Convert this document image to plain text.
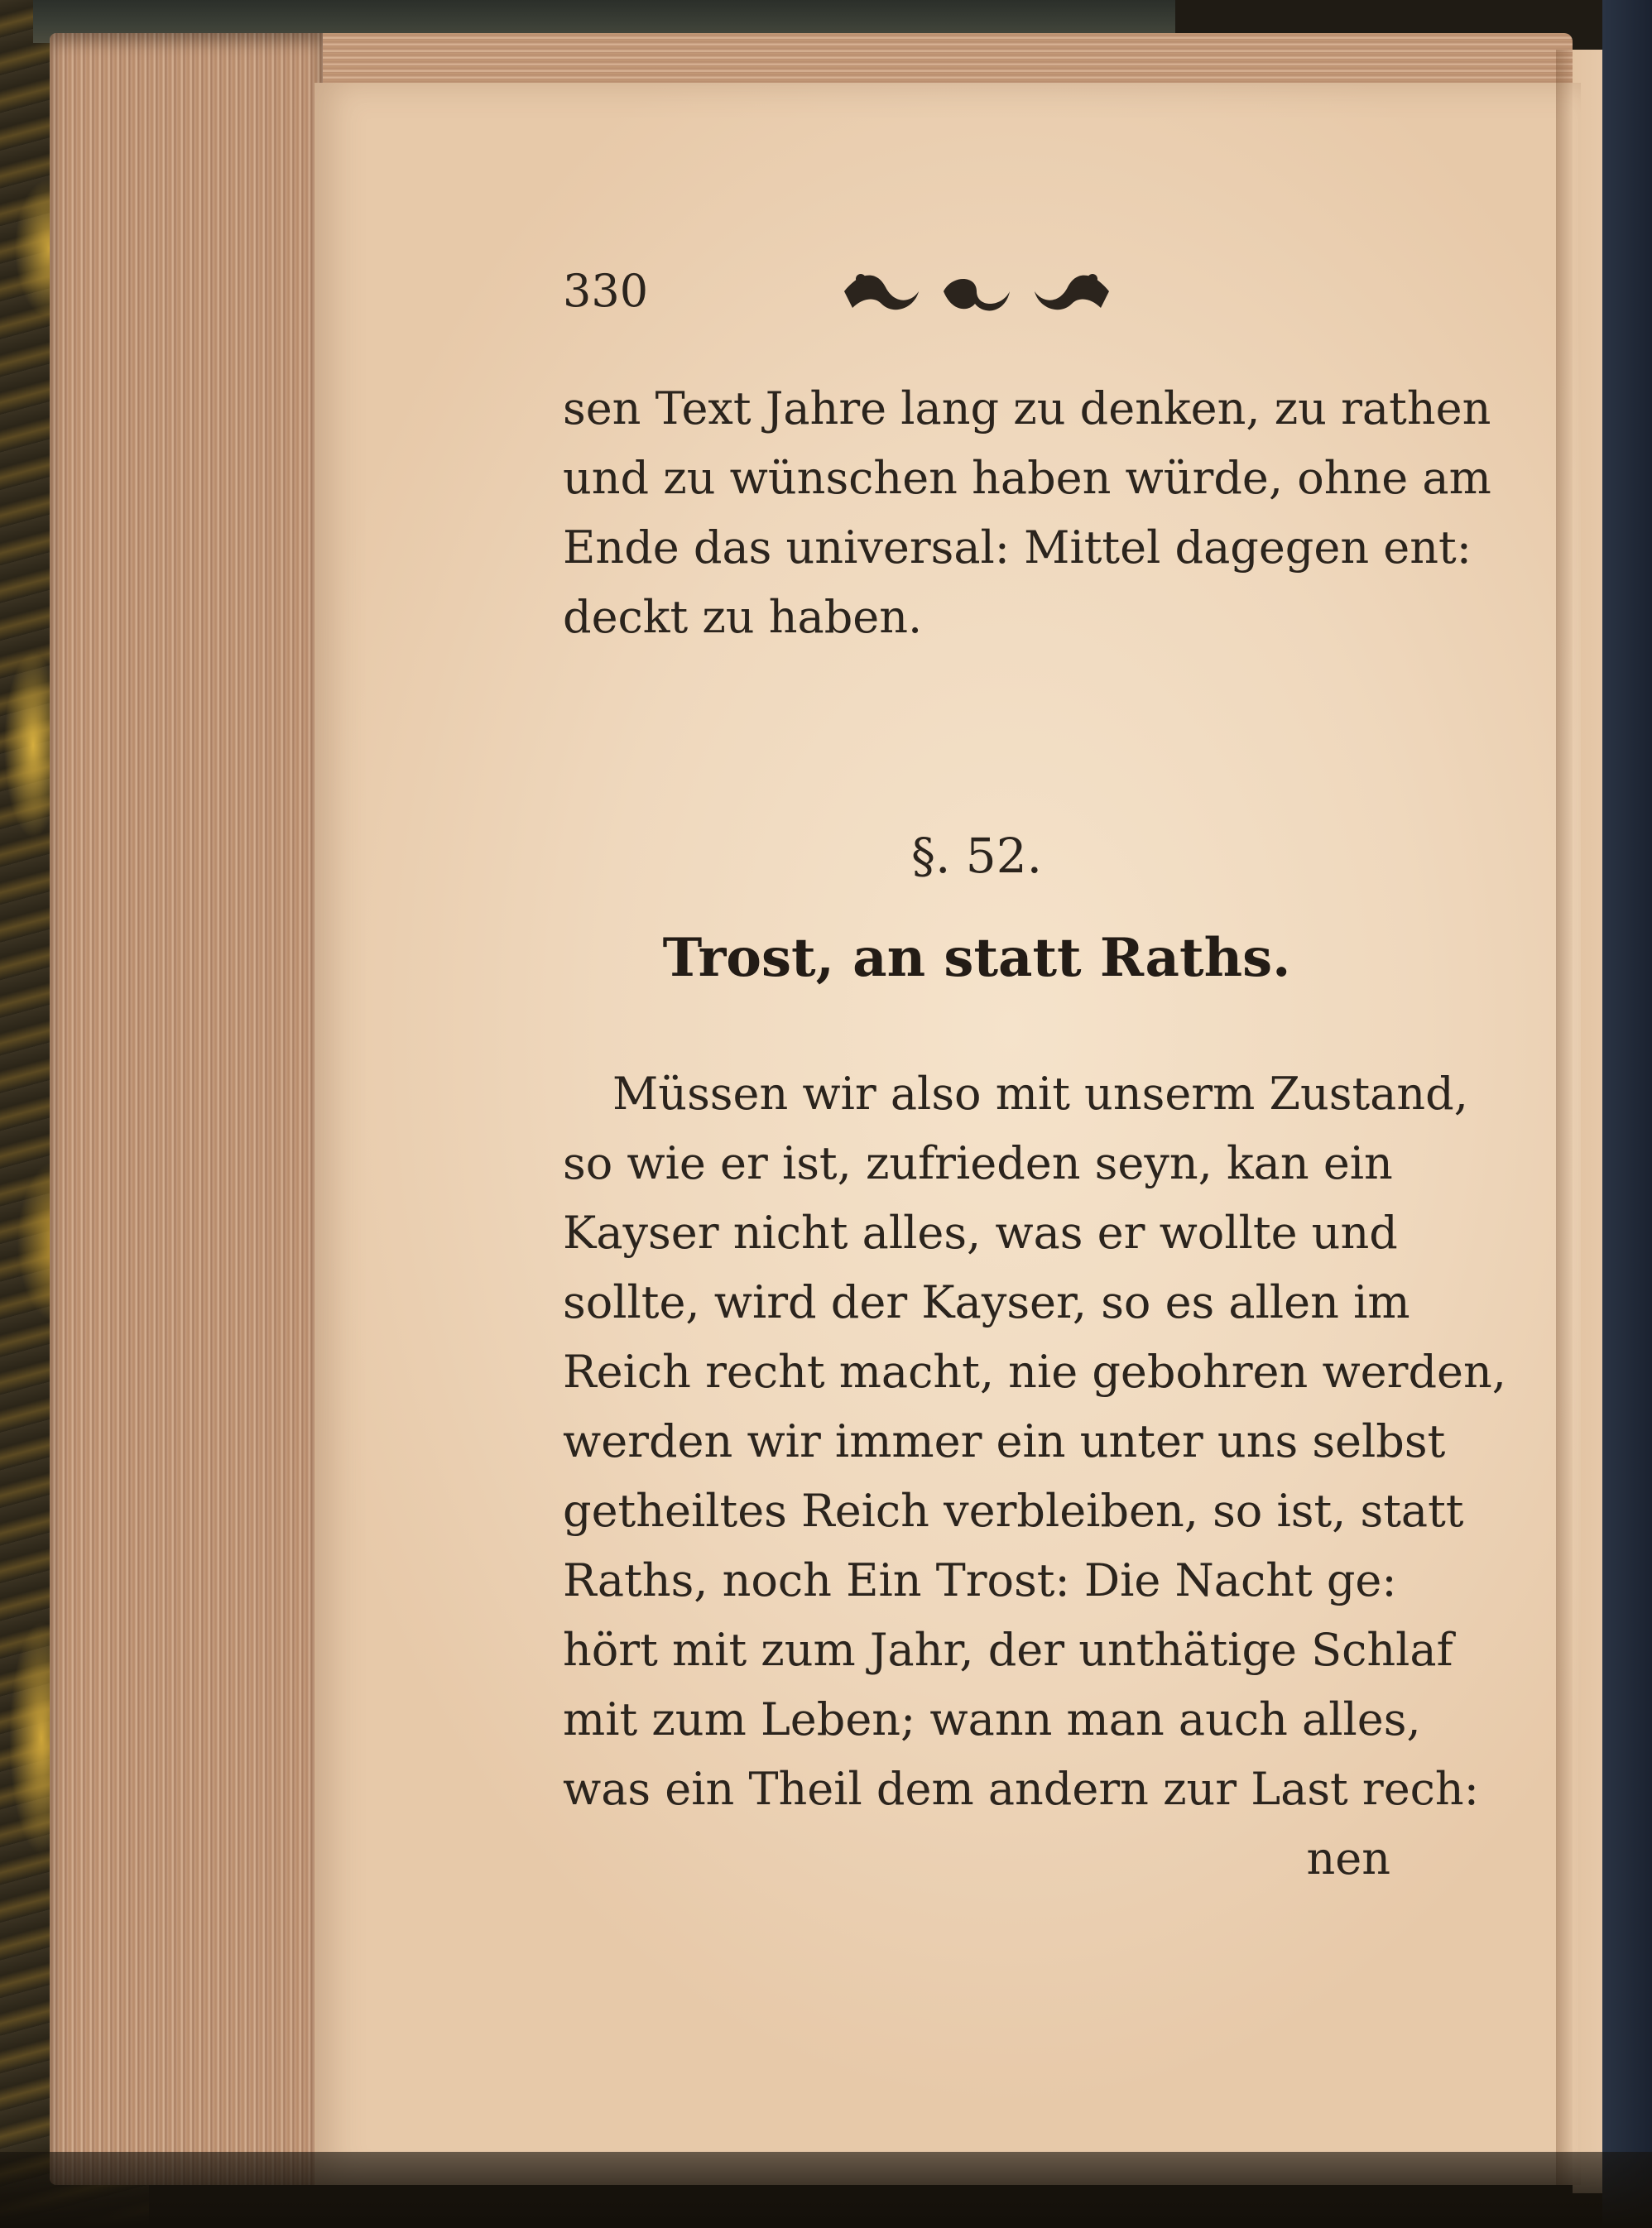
330
sen Text Jahre lang zu denken, zu rathen
und zu wünschen haben würde, ohne am
Ende das universal: Mittel dagegen ent:
deckt zu haben.
§. 52.
Trost, an statt Raths.
Müssen wir also mit unserm Zustand,
so wie er ist, zufrieden seyn, kan ein
Kayser nicht alles, was er wollte und
sollte, wird der Kayser, so es allen im
Reich recht macht, nie gebohren werden,
werden wir immer ein unter uns selbst
getheiltes Reich verbleiben, so ist, statt
Raths, noch Ein Trost: Die Nacht ge:
hört mit zum Jahr, der unthätige Schlaf
mit zum Leben; wann man auch alles,
was ein Theil dem andern zur Last rech:
nen
